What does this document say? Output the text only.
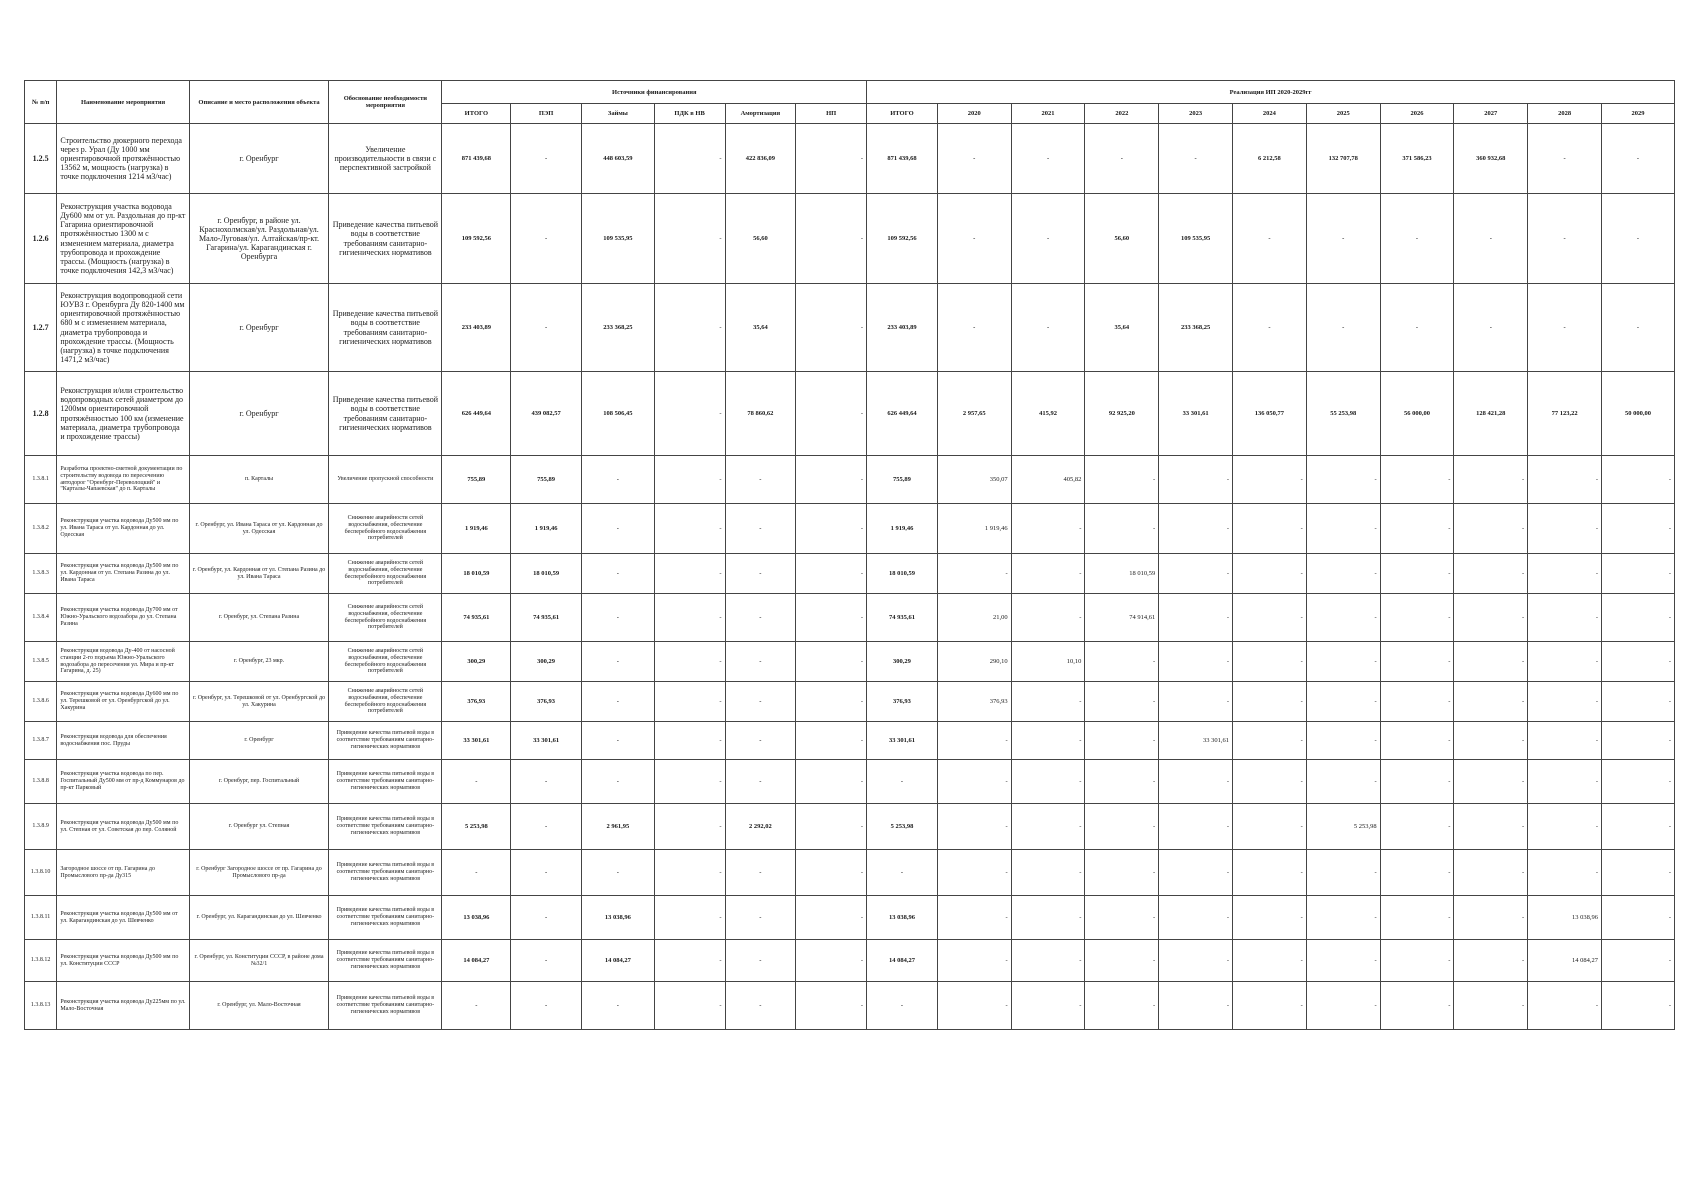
№ п/п	Наименование мероприятия	Описание и место расположения объекта	Обоснование необходимости мероприятия	Источники финансирования						Реализация ИП 2020-2029гг										
				ИТОГО	ПЭП	Займы	ПДК в НВ	Амортизация	НП	ИТОГО	2020	2021	2022	2023	2024	2025	2026	2027	2028	2029
1.2.5	Строительство дюкерного перехода через р. Урал (Ду 1000 мм ориентировочной протяжённостью 13562 м, мощность (нагрузка) в точке подключения 1214 м3/час)	г. Оренбург	Увеличение производительности в связи с перспективной застройкой	871 439,68	-	448 603,59	-	422 836,09	-	871 439,68	-	-	-	-	6 212,58	132 707,78	371 586,23	360 932,68	-	-
1.2.6	Реконструкция участка водовода Ду600 мм от ул. Раздольная до пр-кт Гагарина ориентировочной протяжённостью 1300 м с изменением материала, диаметра трубопровода и прохождение трассы. (Мощность (нагрузка) в точке подключения 142,3 м3/час)	г. Оренбург, в районе ул. Краснохолмская/ул. Раздольная/ул. Мало-Луговая/ул. Алтайская/пр-кт. Гагарина/ул. Карагандинская г. Оренбурга	Приведение качества питьевой воды в соответствие требованиям санитарно-гигиенических нормативов	109 592,56	-	109 535,95	-	56,60	-	109 592,56	-	-	56,60	109 535,95	-	-	-	-	-	-
1.2.7	Реконструкция водопроводной сети ЮУВЗ г. Оренбурга Ду 820-1400 мм ориентировочной протяжённостью 680 м с изменением материала, диаметра трубопровода и прохождение трассы. (Мощность (нагрузка) в точке подключения 1471,2 м3/час)	г. Оренбург	Приведение качества питьевой воды в соответствие требованиям санитарно-гигиенических нормативов	233 403,89	-	233 368,25	-	35,64	-	233 403,89	-	-	35,64	233 368,25	-	-	-	-	-	-
1.2.8	Реконструкция и/или строительство водопроводных сетей диаметром до 1200мм ориентировочной протяжённостью 100 км (изменение материала, диаметра трубопровода и прохождение трассы)	г. Оренбург	Приведение качества питьевой воды в соответствие требованиям санитарно-гигиенических нормативов	626 449,64	439 082,57	108 506,45	-	78 860,62	-	626 449,64	2 957,65	415,92	92 925,20	33 301,61	136 050,77	55 253,98	56 000,00	128 421,28	77 123,22	50 000,00
1.3.8.1	Разработка проектно-сметной документации по строительству водовода по пересечению автодорог "Оренбург-Переволоцкий" и "Карталы-Чапаевская" до п. Карталы	п. Карталы	Увеличение пропускной способности	755,89	755,89	-	-	-	-	755,89	350,07	405,82	-	-	-	-	-	-	-	-
1.3.8.2	Реконструкция участка водовода Ду500 мм по ул. Ивана Тараса от ул. Кардонная до ул. Одесская	г. Оренбург, ул. Ивана Тараса от ул. Кардонная до ул. Одесская	Снижение аварийности сетей водоснабжения, обеспечение бесперебойного водоснабжения потребителей	1 919,46	1 919,46	-	-	-	-	1 919,46	1 919,46	-	-	-	-	-	-	-	-	-
1.3.8.3	Реконструкция участка водовода Ду500 мм по ул. Кардонная от ул. Степана Разина до ул. Ивана Тараса	г. Оренбург, ул. Кардонная от ул. Степана Разина до ул. Ивана Тараса	Снижение аварийности сетей водоснабжения, обеспечение бесперебойного водоснабжения потребителей	18 010,59	18 010,59	-	-	-	-	18 010,59	-	-	18 010,59	-	-	-	-	-	-	-
1.3.8.4	Реконструкция участка водовода Ду700 мм от Южно-Уральского водозабора до ул. Степана Разина	г. Оренбург, ул. Степана Разина	Снижение аварийности сетей водоснабжения, обеспечение бесперебойного водоснабжения потребителей	74 935,61	74 935,61	-	-	-	-	74 935,61	21,00	-	74 914,61	-	-	-	-	-	-	-
1.3.8.5	Реконструкция водовода Ду-400 от насосной станции 2-го подъема Южно-Уральского водозабора до пересечения ул. Мира и пр-кт Гагарина, д. 25)	г. Оренбург, 23 мкр.	Снижение аварийности сетей водоснабжения, обеспечение бесперебойного водоснабжения потребителей	300,29	300,29	-	-	-	-	300,29	290,10	10,10	-	-	-	-	-	-	-	-
1.3.8.6	Реконструкция участка водовода Ду600 мм по ул. Терешковой от ул. Оренбургской до ул. Хакурина	г. Оренбург, ул. Терешковой от ул. Оренбургской до ул. Хакурина	Снижение аварийности сетей водоснабжения, обеспечение бесперебойного водоснабжения потребителей	376,93	376,93	-	-	-	-	376,93	376,93	-	-	-	-	-	-	-	-	-
1.3.8.7	Реконструкция водовода для обеспечения водоснабжения пос. Пруды	г. Оренбург	Приведение качества питьевой воды в соответствие требованиям санитарно-гигиенических нормативов	33 301,61	33 301,61	-	-	-	-	33 301,61	-	-	-	33 301,61	-	-	-	-	-	-
1.3.8.8	Реконструкция участка водовода по пер. Госпитальный Ду500 мм от пр-д Коммунаров до пр-кт Парковый	г. Оренбург, пер. Госпитальный	Приведение качества питьевой воды в соответствие требованиям санитарно-гигиенических нормативов	-	-	-	-	-	-	-	-	-	-	-	-	-	-	-	-	-
1.3.8.9	Реконструкция участка водовода Ду500 мм по ул. Степная от ул. Советская до пер. Соляной	г. Оренбург ул. Степная	Приведение качества питьевой воды в соответствие требованиям санитарно-гигиенических нормативов	5 253,98	-	2 961,95	-	2 292,02	-	5 253,98	-	-	-	-	-	5 253,98	-	-	-	-
1.3.8.10	Загородное шоссе от пр. Гагарина до Промыслового пр-да Ду315	г. Оренбург Загородное шоссе от пр. Гагарина до Промыслового пр-да	Приведение качества питьевой воды в соответствие требованиям санитарно-гигиенических нормативов	-	-	-	-	-	-	-	-	-	-	-	-	-	-	-	-	-
1.3.8.11	Реконструкция участка водовода Ду500 мм от ул. Карагандинская до ул. Шевченко	г. Оренбург, ул. Карагандинская до ул. Шевченко	Приведение качества питьевой воды в соответствие требованиям санитарно-гигиенических нормативов	13 038,96	-	13 038,96	-	-	-	13 038,96	-	-	-	-	-	-	-	-	13 038,96	-
1.3.8.12	Реконструкция участка водовода Ду500 мм по ул. Конституции СССР	г. Оренбург, ул. Конституции СССР, в районе дома №32/1	Приведение качества питьевой воды в соответствие требованиям санитарно-гигиенических нормативов	14 084,27	-	14 084,27	-	-	-	14 084,27	-	-	-	-	-	-	-	-	14 084,27	-
1.3.8.13	Реконструкция участка водовода Ду225мм по ул. Мало-Восточная	г. Оренбург, ул. Мало-Восточная	Приведение качества питьевой воды в соответствие требованиям санитарно-гигиенических нормативов	-	-	-	-	-	-	-	-	-	-	-	-	-	-	-	-	-
